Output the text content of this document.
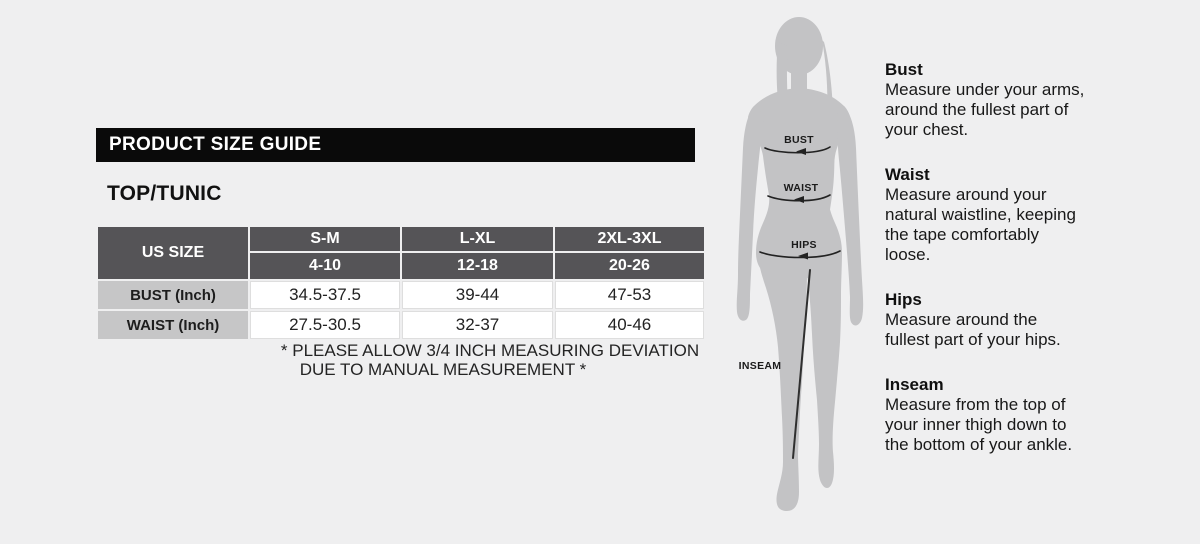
PRODUCT SIZE GUIDE
TOP/TUNIC
US SIZE	S-M	L-XL	2XL-3XL
	4-10	12-18	20-26
BUST (Inch)	34.5-37.5	39-44	47-53
WAIST (Inch)	27.5-30.5	32-37	40-46
* PLEASE ALLOW 3/4 INCH MEASURING DEVIATION
DUE TO MANUAL MEASUREMENT *
BUST
WAIST
HIPS
INSEAM
Bust
Measure under your arms,
around the fullest part of
your chest.
Waist
Measure around your
natural waistline, keeping
the tape comfortably
loose.
Hips
Measure around the
fullest part of your hips.
Inseam
Measure from the top of
your inner thigh down to
the bottom of your ankle.
